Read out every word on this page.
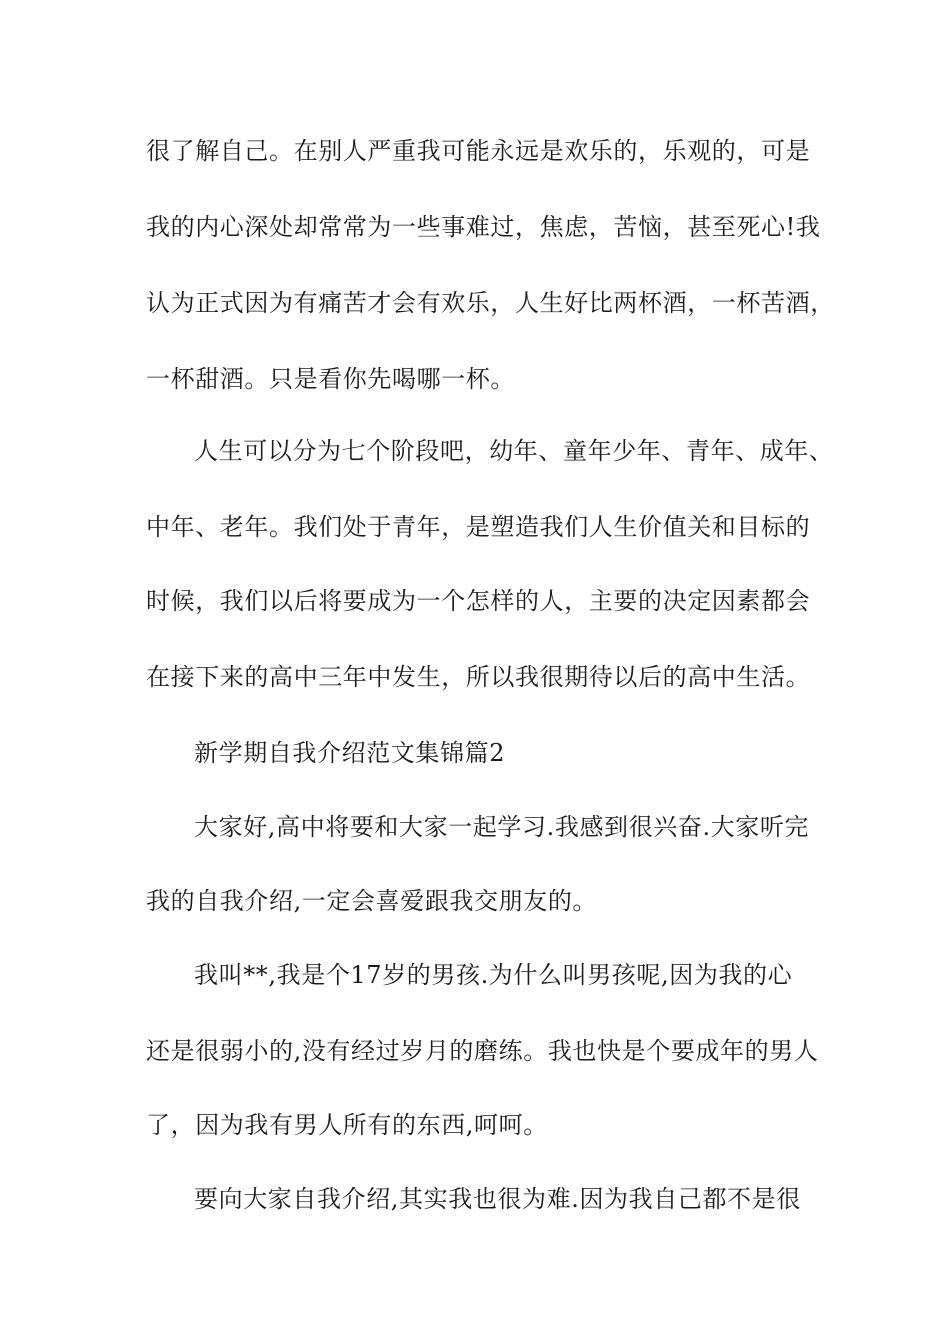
很了解自己。在别人严重我可能永远是欢乐的，乐观的，可是

我的内心深处却常常为一些事难过，焦虑，苦恼，甚至死心!我

认为正式因为有痛苦才会有欢乐，人生好比两杯酒，一杯苦酒，

一杯甜酒。只是看你先喝哪一杯。

人生可以分为七个阶段吧，幼年、童年少年、青年、成年、

中年、老年。我们处于青年，是塑造我们人生价值关和目标的

时候，我们以后将要成为一个怎样的人，主要的决定因素都会

在接下来的高中三年中发生，所以我很期待以后的高中生活。

新学期自我介绍范文集锦篇2

大家好,高中将要和大家一起学习.我感到很兴奋.大家听完

我的自我介绍,一定会喜爱跟我交朋友的。

我叫**,我是个17岁的男孩.为什么叫男孩呢,因为我的心

还是很弱小的,没有经过岁月的磨练。我也快是个要成年的男人

了，因为我有男人所有的东西,呵呵。

要向大家自我介绍,其实我也很为难.因为我自己都不是很
